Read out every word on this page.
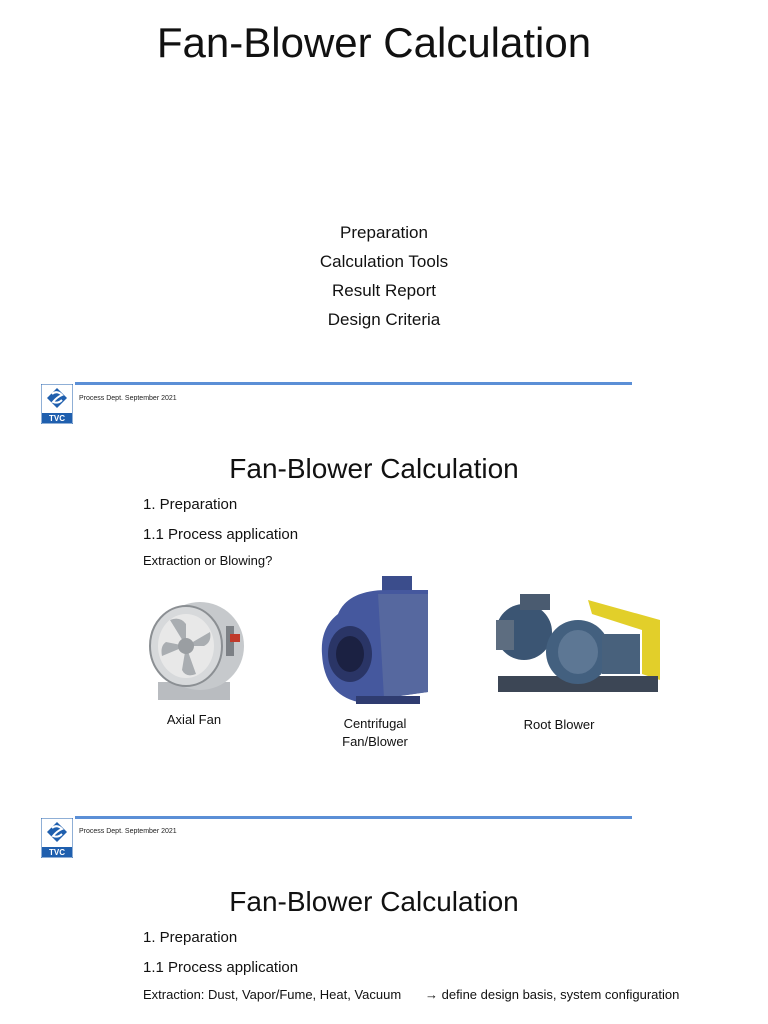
Fan-Blower Calculation
Preparation
Calculation Tools
Result Report
Design Criteria
TVC
Process Dept. September 2021
Fan-Blower Calculation
1. Preparation
1.1 Process application
Extraction or Blowing?
Axial Fan	Centrifugal
Fan/Blower
Root Blower
TVC
Process Dept. September 2021
Fan-Blower Calculation
1. Preparation
1.1 Process application
Extraction: Dust, Vapor/Fume, Heat, Vacuum → define design basis, system configuration
